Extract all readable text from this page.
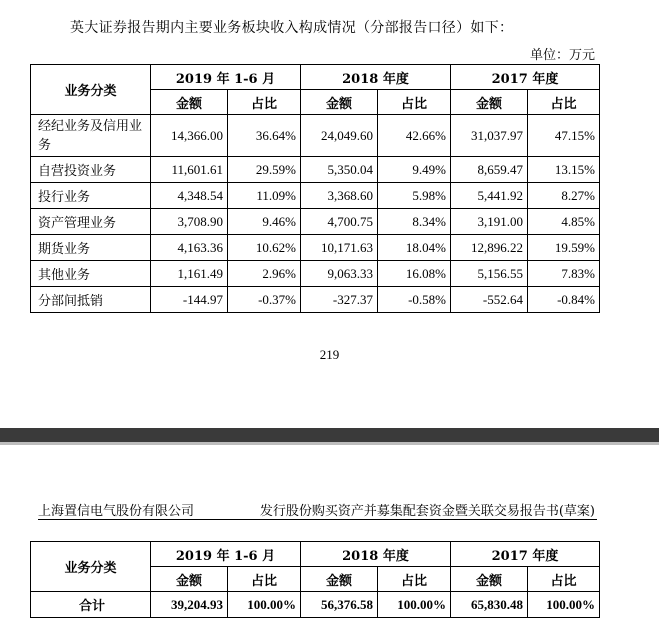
英大证券报告期内主要业务板块收入构成情况（分部报告口径）如下：
单位：万元
业务分类	2019 年 1-6 月		2018 年度		2017 年度	
	金额	占比	金额	占比	金额	占比
经纪业务及信用业务	14,366.00	36.64%	24,049.60	42.66%	31,037.97	47.15%
自营投资业务	11,601.61	29.59%	5,350.04	9.49%	8,659.47	13.15%
投行业务	4,348.54	11.09%	3,368.60	5.98%	5,441.92	8.27%
资产管理业务	3,708.90	9.46%	4,700.75	8.34%	3,191.00	4.85%
期货业务	4,163.36	10.62%	10,171.63	18.04%	12,896.22	19.59%
其他业务	1,161.49	2.96%	9,063.33	16.08%	5,156.55	7.83%
分部间抵销	-144.97	-0.37%	-327.37	-0.58%	-552.64	-0.84%
219
上海置信电气股份有限公司	发行股份购买资产并募集配套资金暨关联交易报告书(草案)
业务分类	2019 年 1-6 月		2018 年度		2017 年度	
	金额	占比	金额	占比	金额	占比
合计	39,204.93	100.00%	56,376.58	100.00%	65,830.48	100.00%
